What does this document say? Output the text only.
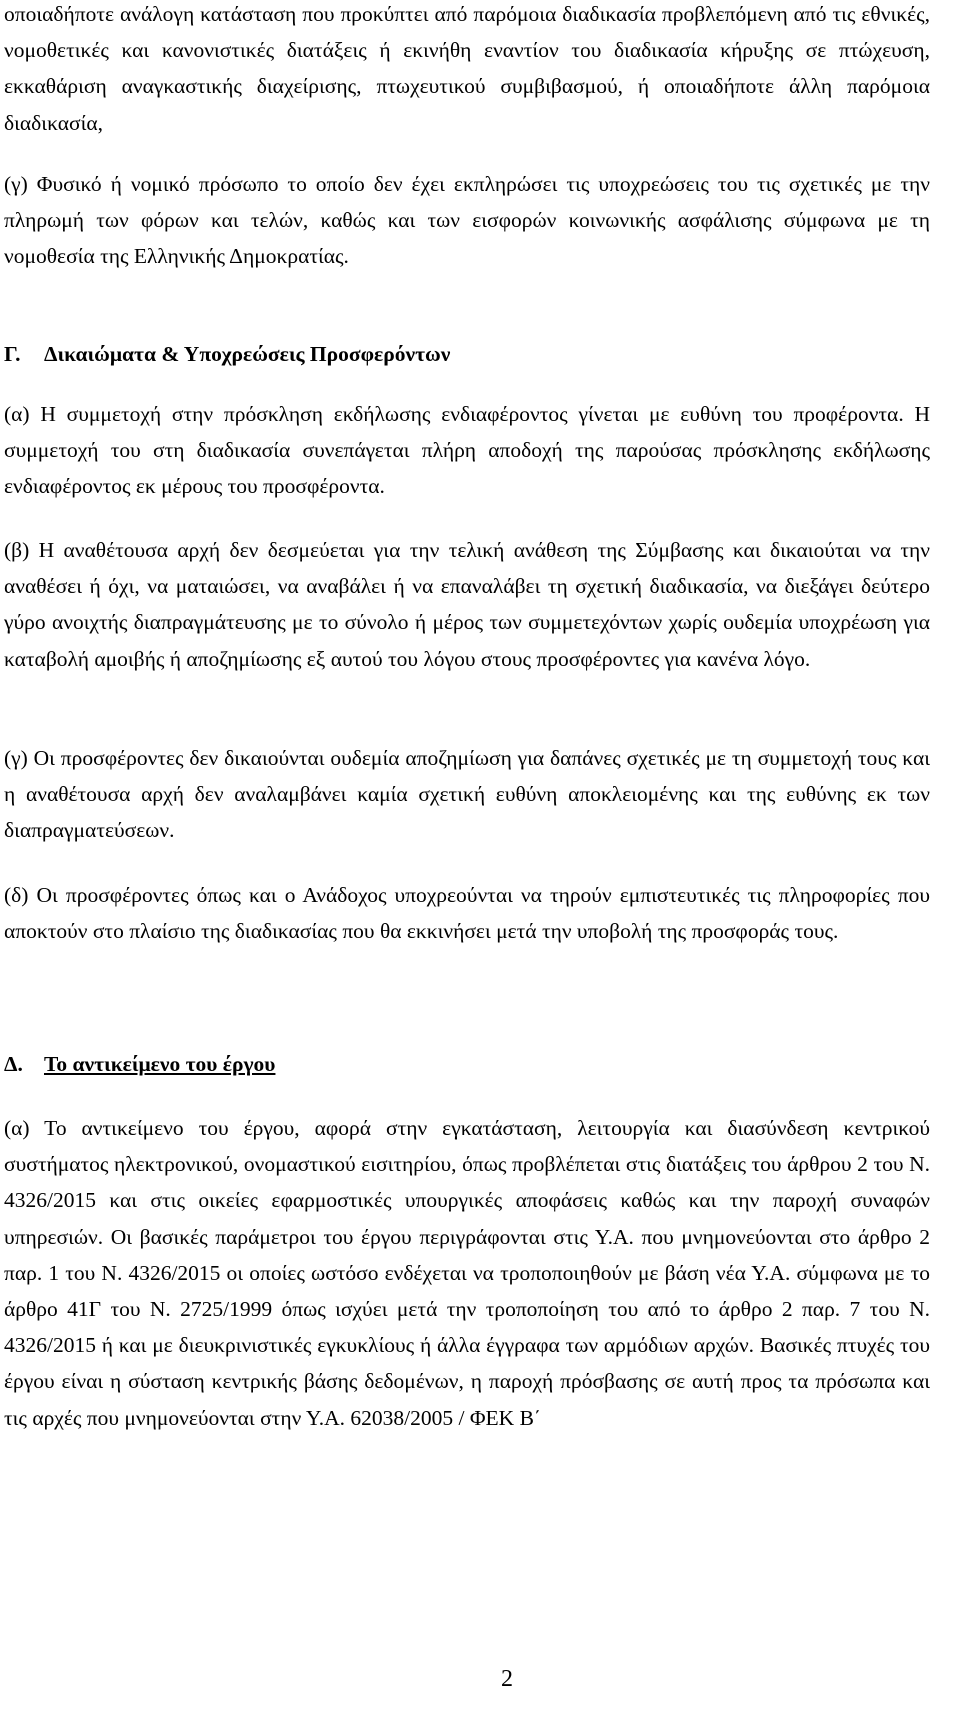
οποιαδήποτε ανάλογη κατάσταση που προκύπτει από παρόμοια διαδικασία προβλεπόμενη από τις εθνικές, νομοθετικές και κανονιστικές διατάξεις ή εκινήθη εναντίον του διαδικασία κήρυξης σε πτώχευση, εκκαθάριση αναγκαστικής διαχείρισης, πτωχευτικού συμβιβασμού, ή οποιαδήποτε άλλη παρόμοια διαδικασία,

(γ) Φυσικό ή νομικό πρόσωπο το οποίο δεν έχει εκπληρώσει τις υποχρεώσεις του τις σχετικές με την πληρωμή των φόρων και τελών, καθώς και των εισφορών κοινωνικής ασφάλισης σύμφωνα με τη νομοθεσία της Ελληνικής Δημοκρατίας.

Γ. Δικαιώματα & Υποχρεώσεις Προσφερόντων

(α) Η συμμετοχή στην πρόσκληση εκδήλωσης ενδιαφέροντος γίνεται με ευθύνη του προφέροντα. Η συμμετοχή του στη διαδικασία συνεπάγεται πλήρη αποδοχή της παρούσας πρόσκλησης εκδήλωσης ενδιαφέροντος εκ μέρους του προσφέροντα.

(β) Η αναθέτουσα αρχή δεν δεσμεύεται για την τελική ανάθεση της Σύμβασης και δικαιούται να την αναθέσει ή όχι, να ματαιώσει, να αναβάλει ή να επαναλάβει τη σχετική διαδικασία, να διεξάγει δεύτερο γύρο ανοιχτής διαπραγμάτευσης με το σύνολο ή μέρος των συμμετεχόντων χωρίς ουδεμία υποχρέωση για καταβολή αμοιβής ή αποζημίωσης εξ αυτού του λόγου στους προσφέροντες για κανένα λόγο.

(γ) Οι προσφέροντες δεν δικαιούνται ουδεμία αποζημίωση για δαπάνες σχετικές με τη συμμετοχή τους και η αναθέτουσα αρχή δεν αναλαμβάνει καμία σχετική ευθύνη αποκλειομένης και της ευθύνης εκ των διαπραγματεύσεων.

(δ) Οι προσφέροντες όπως και ο Ανάδοχος υποχρεούνται να τηρούν εμπιστευτικές τις πληροφορίες που αποκτούν στο πλαίσιο της διαδικασίας που θα εκκινήσει μετά την υποβολή της προσφοράς τους.

Δ. Το αντικείμενο του έργου

(α) Το αντικείμενο του έργου, αφορά στην εγκατάσταση, λειτουργία και διασύνδεση κεντρικού συστήματος ηλεκτρονικού, ονομαστικού εισιτηρίου, όπως προβλέπεται στις διατάξεις του άρθρου 2 του Ν. 4326/2015 και στις οικείες εφαρμοστικές υπουργικές αποφάσεις καθώς και την παροχή συναφών υπηρεσιών. Οι βασικές παράμετροι του έργου περιγράφονται στις Υ.Α. που μνημονεύονται στο άρθρο 2 παρ. 1 του Ν. 4326/2015 οι οποίες ωστόσο ενδέχεται να τροποποιηθούν με βάση νέα Υ.Α. σύμφωνα με το άρθρο 41Γ του Ν. 2725/1999 όπως ισχύει μετά την τροποποίηση του από το άρθρο 2 παρ. 7 του Ν. 4326/2015 ή και με διευκρινιστικές εγκυκλίους ή άλλα έγγραφα των αρμόδιων αρχών. Βασικές πτυχές του έργου είναι η σύσταση κεντρικής βάσης δεδομένων, η παροχή πρόσβασης σε αυτή προς τα πρόσωπα και τις αρχές που μνημονεύονται στην Υ.Α. 62038/2005 / ΦΕΚ Β΄

2
